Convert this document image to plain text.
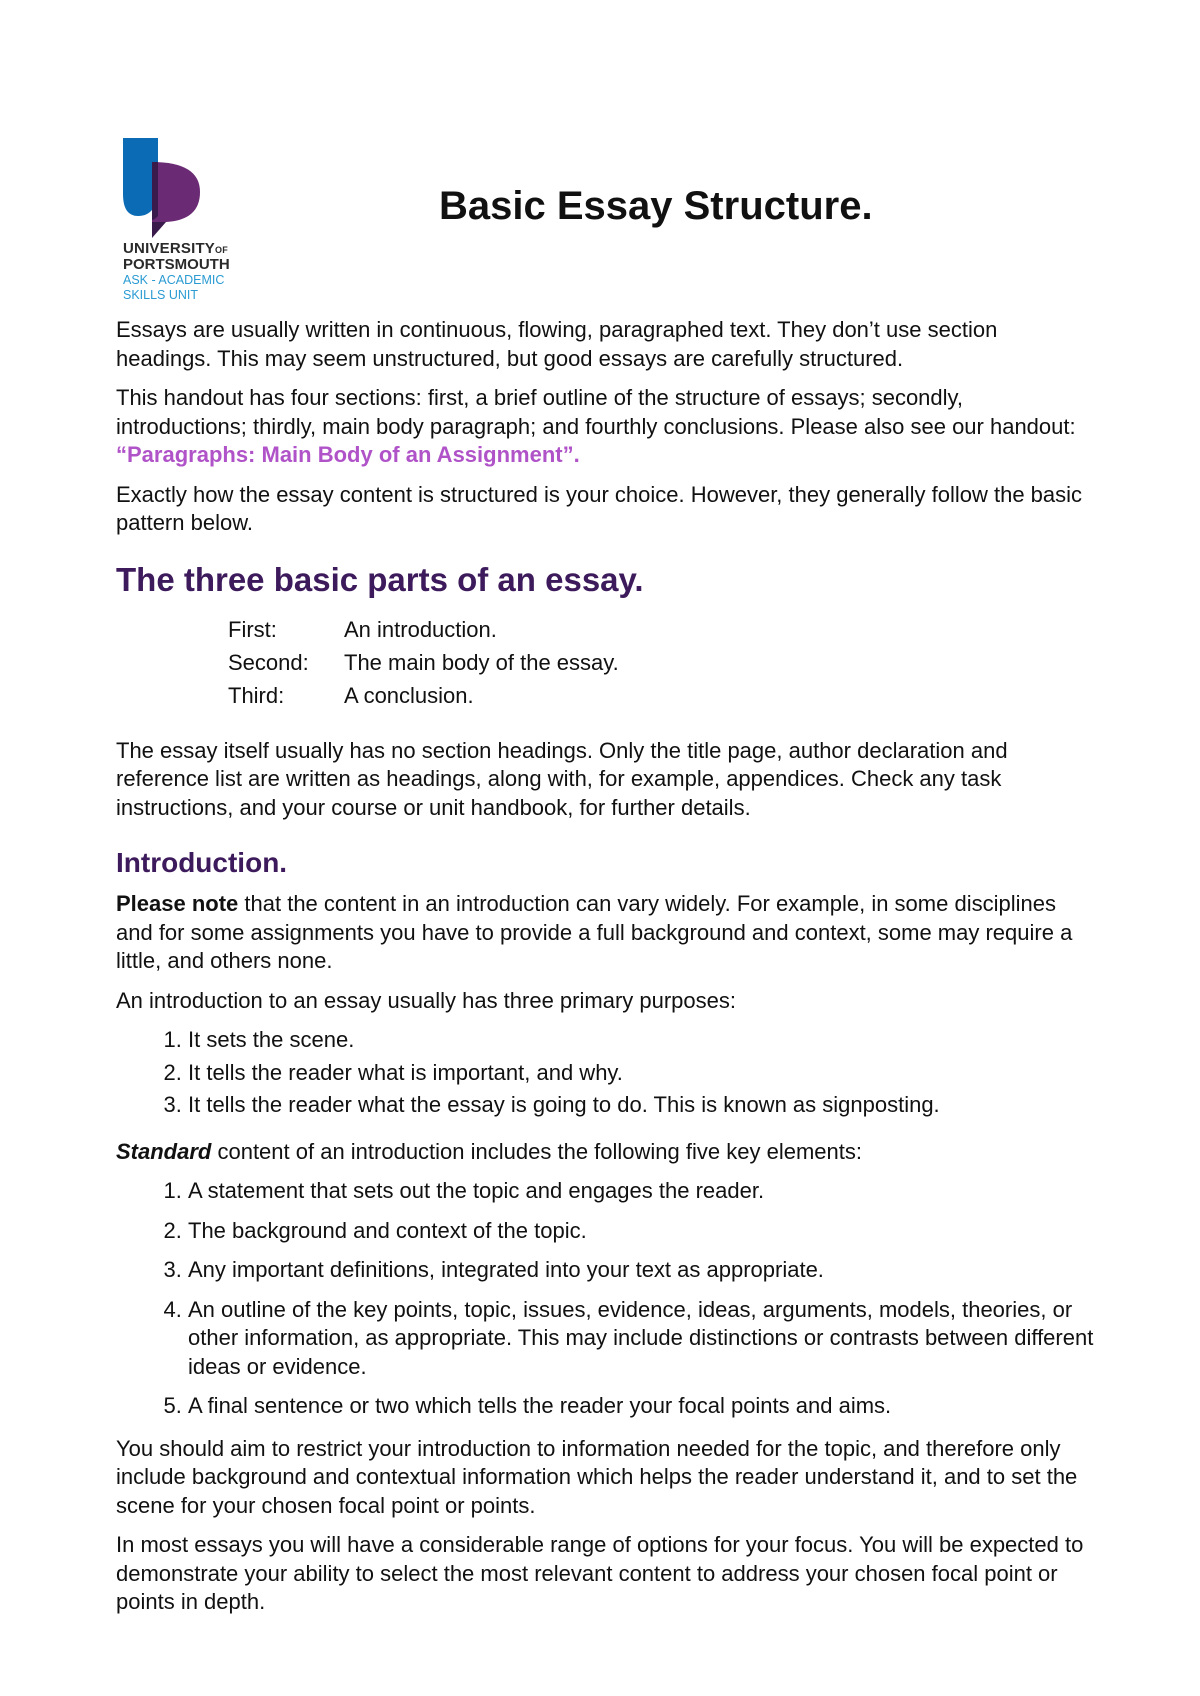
UNIVERSITYOF
PORTSMOUTH
ASK - ACADEMIC
SKILLS UNIT
Basic Essay Structure.

Essays are usually written in continuous, flowing, paragraphed text. They don’t use section headings. This may seem unstructured, but good essays are carefully structured.

This handout has four sections: first, a brief outline of the structure of essays; secondly, introductions; thirdly, main body paragraph; and fourthly conclusions. Please also see our handout: “Paragraphs: Main Body of an Assignment”.

Exactly how the essay content is structured is your choice. However, they generally follow the basic pattern below.

The three basic parts of an essay.
First:	An introduction.
Second:	The main body of the essay.
Third:	A conclusion.

The essay itself usually has no section headings. Only the title page, author declaration and reference list are written as headings, along with, for example, appendices. Check any task instructions, and your course or unit handbook, for further details.

Introduction.

Please note that the content in an introduction can vary widely. For example, in some disciplines and for some assignments you have to provide a full background and context, some may require a little, and others none.

An introduction to an essay usually has three primary purposes:

1. It sets the scene.
2. It tells the reader what is important, and why.
3. It tells the reader what the essay is going to do. This is known as signposting.

Standard content of an introduction includes the following five key elements:

1. A statement that sets out the topic and engages the reader.
2. The background and context of the topic.
3. Any important definitions, integrated into your text as appropriate.
4. An outline of the key points, topic, issues, evidence, ideas, arguments, models, theories, or other information, as appropriate. This may include distinctions or contrasts between different ideas or evidence.
5. A final sentence or two which tells the reader your focal points and aims.

You should aim to restrict your introduction to information needed for the topic, and therefore only include background and contextual information which helps the reader understand it, and to set the scene for your chosen focal point or points.

In most essays you will have a considerable range of options for your focus. You will be expected to demonstrate your ability to select the most relevant content to address your chosen focal point or points in depth.
